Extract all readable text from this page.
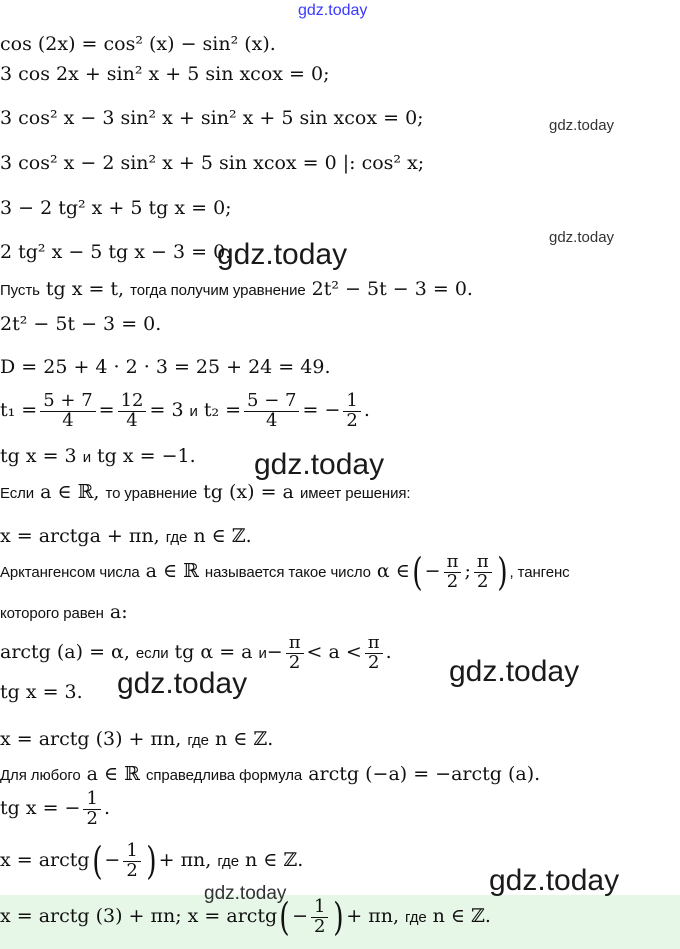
gdz.today
gdz.today
gdz.today
gdz.today
gdz.today
gdz.today
gdz.today
gdz.today
gdz.today
cos (2x) = cos² (x) − sin² (x).
3 cos 2x + sin² x + 5 sin xcox = 0;
3 cos² x − 3 sin² x + sin² x + 5 sin xcox = 0;
3 cos² x − 2 sin² x + 5 sin xcox = 0 |: cos² x;
3 − 2 tg² x + 5 tg x = 0;
2 tg² x − 5 tg x − 3 = 0.
Пусть tg x = t, тогда получим уравнение 2t² − 5t − 3 = 0.
2t² − 5t − 3 = 0.
D = 25 + 4 · 2 · 3 = 25 + 24 = 49.
$t_1 = \frac{5 + 7}{4} = \frac{12}{4} = 3$ и $t_2 = \frac{5 - 7}{4}$ = − $\frac{1}{2}$ .
tg x = 3 и tg x = −1.
Если a ∈ ℝ, то уравнение tg (x) = a имеет решения:
x = arctga + πn, где n ∈ ℤ.
Арктангенсом числа a ∈ ℝ называется такое число α ∈ ( − $\frac{\pi}{2}$ ; $\frac{\pi}{2}$ ) , тангенс
которого равен a:
arctg (a) = α, если tg α = a $и - \frac{\pi}{2} < a < \frac{\pi}{2}$ .
tg x = 3.
x = arctg (3) + πn, где n ∈ ℤ.
Для любого a ∈ ℝ справедлива формула arctg (−a) = −arctg (a).
tg x = − $\frac{1}{2}$ .
x = arctg ( − $\frac{1}{2}$ ) + πn, где n ∈ ℤ.
x = arctg (3) + πn; x = arctg ( − $\frac{1}{2}$ ) + πn, где n ∈ ℤ.
